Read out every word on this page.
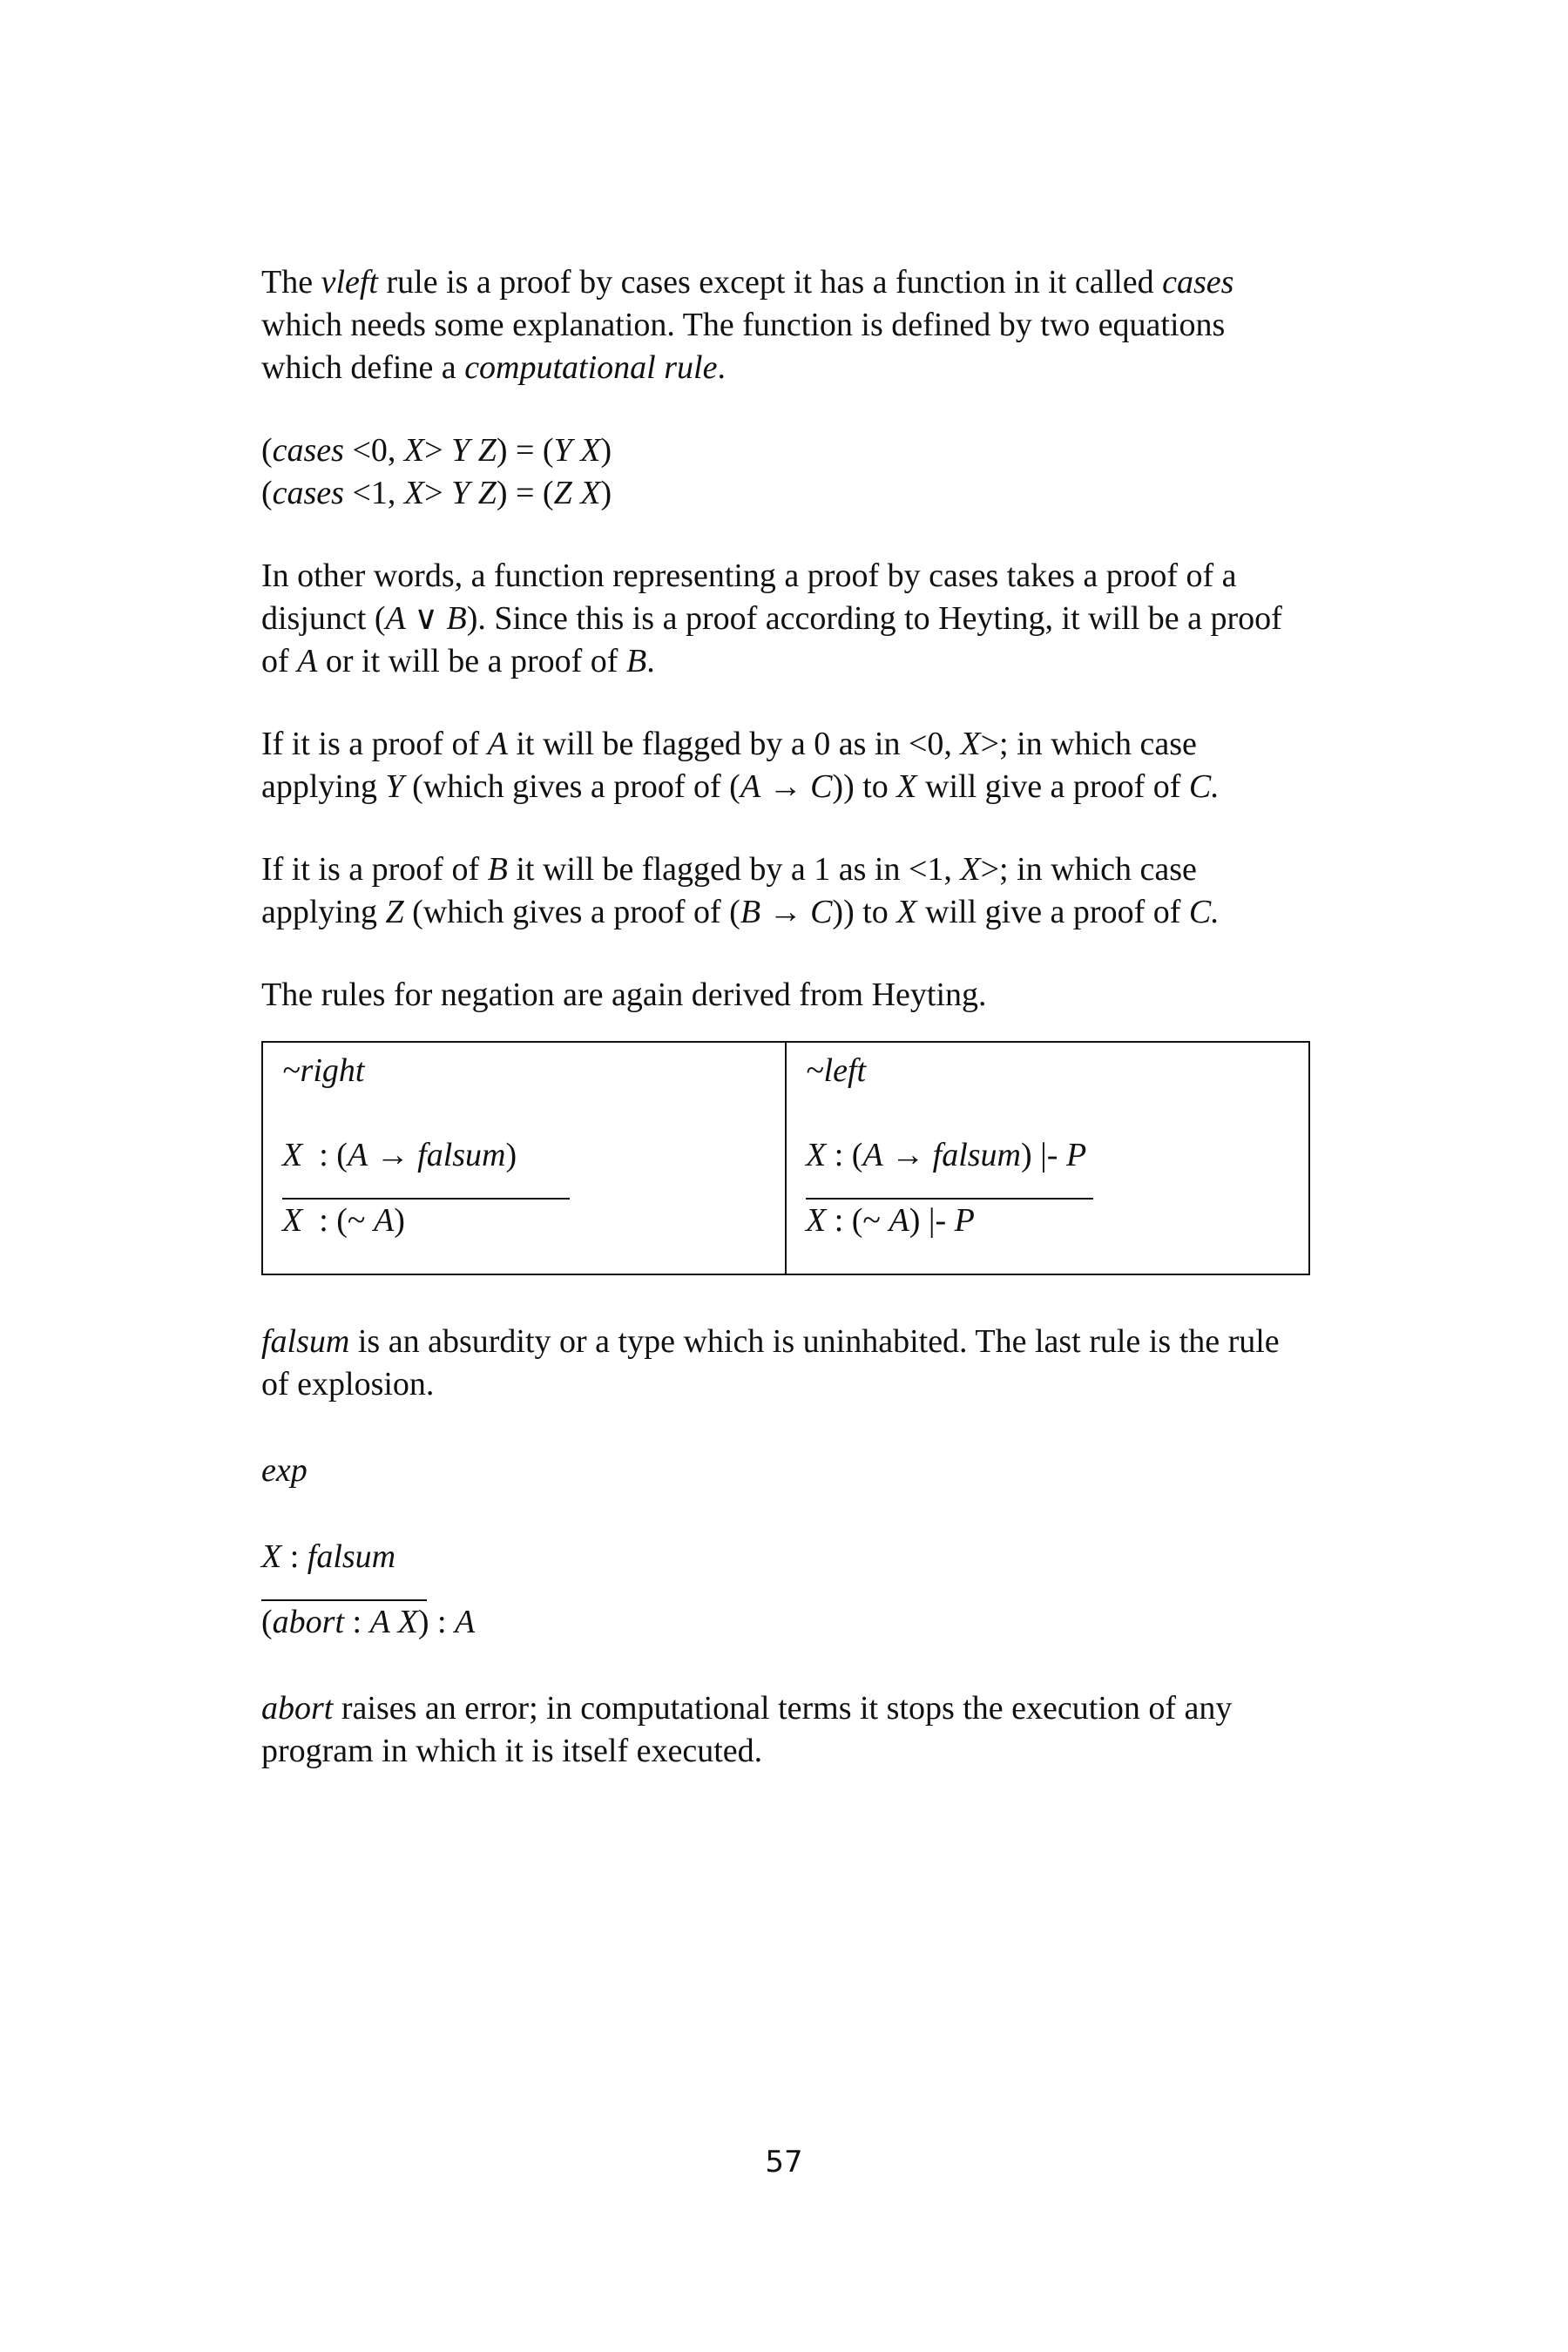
The vleft rule is a proof by cases except it has a function in it called cases which needs some explanation. The function is defined by two equations which define a computational rule.

(cases <0, X> Y Z) = (Y X)

(cases <1, X> Y Z) = (Z X)

In other words, a function representing a proof by cases takes a proof of a disjunct (A ∨ B). Since this is a proof according to Heyting, it will be a proof of A or it will be a proof of B.

If it is a proof of A it will be flagged by a 0 as in <0, X>; in which case applying Y (which gives a proof of (A → C)) to X will give a proof of C.

If it is a proof of B it will be flagged by a 1 as in <1, X>; in which case applying Z (which gives a proof of (B → C)) to X will give a proof of C.

The rules for negation are again derived from Heyting.

~right

X  : (A → falsum)

X  : (~ A)

~left

X : (A → falsum) |- P

X : (~ A) |- P

falsum is an absurdity or a type which is uninhabited. The last rule is the rule of explosion.

exp

X : falsum

(abort : A X) : A

abort raises an error; in computational terms it stops the execution of any program in which it is itself executed.

57
